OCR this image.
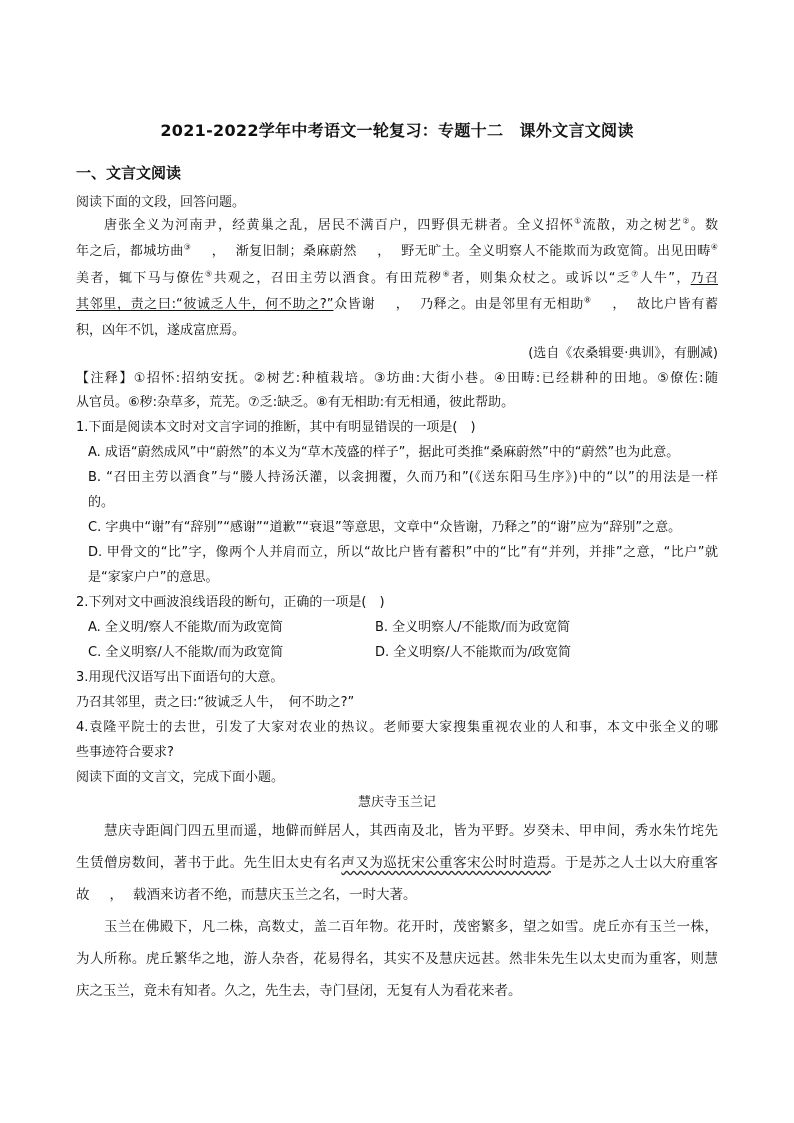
2021-2022学年中考语文一轮复习：专题十二　课外文言文阅读
一、文言文阅读
阅读下面的文段，回答问题。
唐张全义为河南尹，经黄巢之乱，居民不满百户，四野俱无耕者。全义招怀①流散，劝之树艺②。数
年之后，都城坊曲③ ， 渐复旧制；桑麻蔚然 ， 野无旷土。全义明察人不能欺而为政宽简。出见田畴④
美者，辄下马与僚佐⑤共观之，召田主劳以酒食。有田荒秽⑥者，则集众杖之。或诉以“乏⑦人牛”，乃召
其邻里，责之曰:“彼诚乏人牛，何不助之?”众皆谢 ， 乃释之。由是邻里有无相助⑧ ， 故比户皆有蓄
积，凶年不饥，遂成富庶焉。
(选自《农桑辑要·典训》，有删减)
【注释】①招怀:招纳安抚。②树艺:种植栽培。③坊曲:大街小巷。④田畴:已经耕种的田地。⑤僚佐:随
从官员。⑥秽:杂草多，荒芜。⑦乏:缺乏。⑧有无相助:有无相通，彼此帮助。
1.下面是阅读本文时对文言字词的推断，其中有明显错误的一项是(　)
A. 成语“蔚然成风”中“蔚然”的本义为“草木茂盛的样子”，据此可类推“桑麻蔚然”中的“蔚然”也为此意。
B. “召田主劳以酒食”与“媵人持汤沃灌，以衾拥覆，久而乃和”(《送东阳马生序》)中的“以”的用法是一样
的。
C. 字典中“谢”有“辞别”“感谢”“道歉”“衰退”等意思，文章中“众皆谢，乃释之”的“谢”应为“辞别”之意。
D. 甲骨文的“比”字，像两个人并肩而立，所以“故比户皆有蓄积”中的“比”有“并列，并排”之意，“比户”就
是“家家户户”的意思。
2.下列对文中画波浪线语段的断句，正确的一项是(　)
A. 全义明/察人不能欺/而为政宽简	B. 全义明察人/不能欺/而为政宽简
C. 全义明察/人不能欺/而为政宽简	D. 全义明察/人不能欺而为/政宽简
3.用现代汉语写出下面语句的大意。
乃召其邻里，责之曰:“彼诚乏人牛，　何不助之?”
4.袁隆平院士的去世，引发了大家对农业的热议。老师要大家搜集重视农业的人和事，本文中张全义的哪
些事迹符合要求?
阅读下面的文言文，完成下面小题。
慧庆寺玉兰记
慧庆寺距阊门四五里而遥，地僻而鲜居人，其西南及北，皆为平野。岁癸未、甲申间，秀水朱竹垞先
生赁僧房数间，著书于此。先生旧太史有名声又为巡抚宋公重客宋公时时造焉。于是苏之人士以大府重客
故 ， 载酒来访者不绝，而慧庆玉兰之名，一时大著。
玉兰在佛殿下，凡二株，高数丈，盖二百年物。花开时，茂密繁多，望之如雪。虎丘亦有玉兰一株，
为人所称。虎丘繁华之地，游人杂沓，花易得名，其实不及慧庆远甚。然非朱先生以太史而为重客，则慧
庆之玉兰，竟未有知者。久之，先生去，寺门昼闭，无复有人为看花来者。
